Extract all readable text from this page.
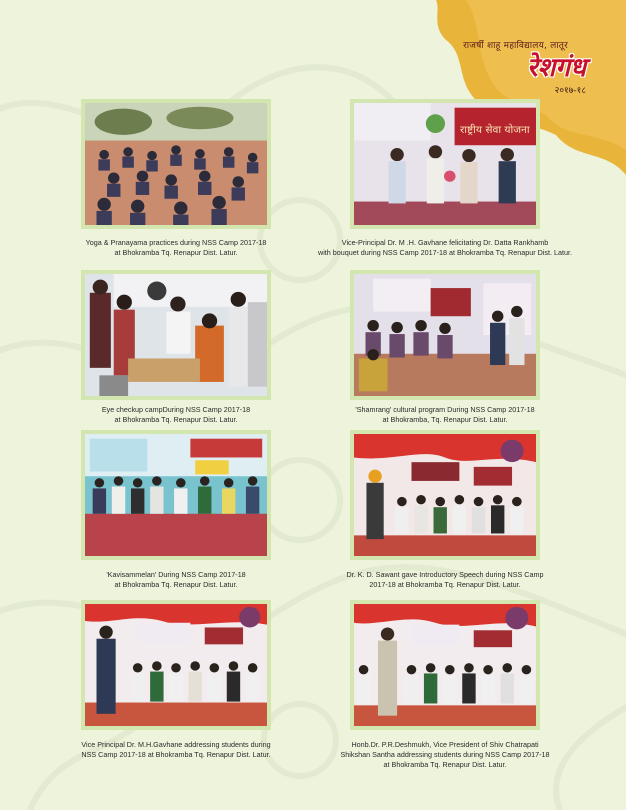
राजर्षी शाहू महाविद्यालय, लातूर
रेशगंध
२०१७-१८
Yoga & Pranayama practices during NSS Camp 2017-18
at Bhokramba Tq. Renapur Dist. Latur.
राष्ट्रीय सेवा योजना
Vice-Principal Dr. M .H. Gavhane felicitating Dr. Datta Rankhamb
with bouquet during NSS Camp 2017-18 at Bhokramba Tq. Renapur Dist. Latur.
Eye checkup campDuring NSS Camp 2017-18
at Bhokramba Tq. Renapur Dist. Latur.
'Shamrang' cultural program During NSS Camp 2017-18
at Bhokramba, Tq. Renapur Dist. Latur.
'Kavisammelan' During NSS Camp 2017-18
at Bhokramba Tq. Renapur Dist. Latur.
Dr. K. D. Sawant gave Introductory Speech during NSS Camp
2017-18 at Bhokramba Tq. Renapur Dist. Latur.
Vice Principal Dr. M.H.Gavhane addressing students during
NSS Camp 2017-18 at Bhokramba Tq. Renapur Dist. Latur.
Honb.Dr. P.R.Deshmukh, Vice President of Shiv Chatrapati
Shikshan Santha addressing students during NSS Camp 2017-18
at Bhokramba Tq. Renapur Dist. Latur.
